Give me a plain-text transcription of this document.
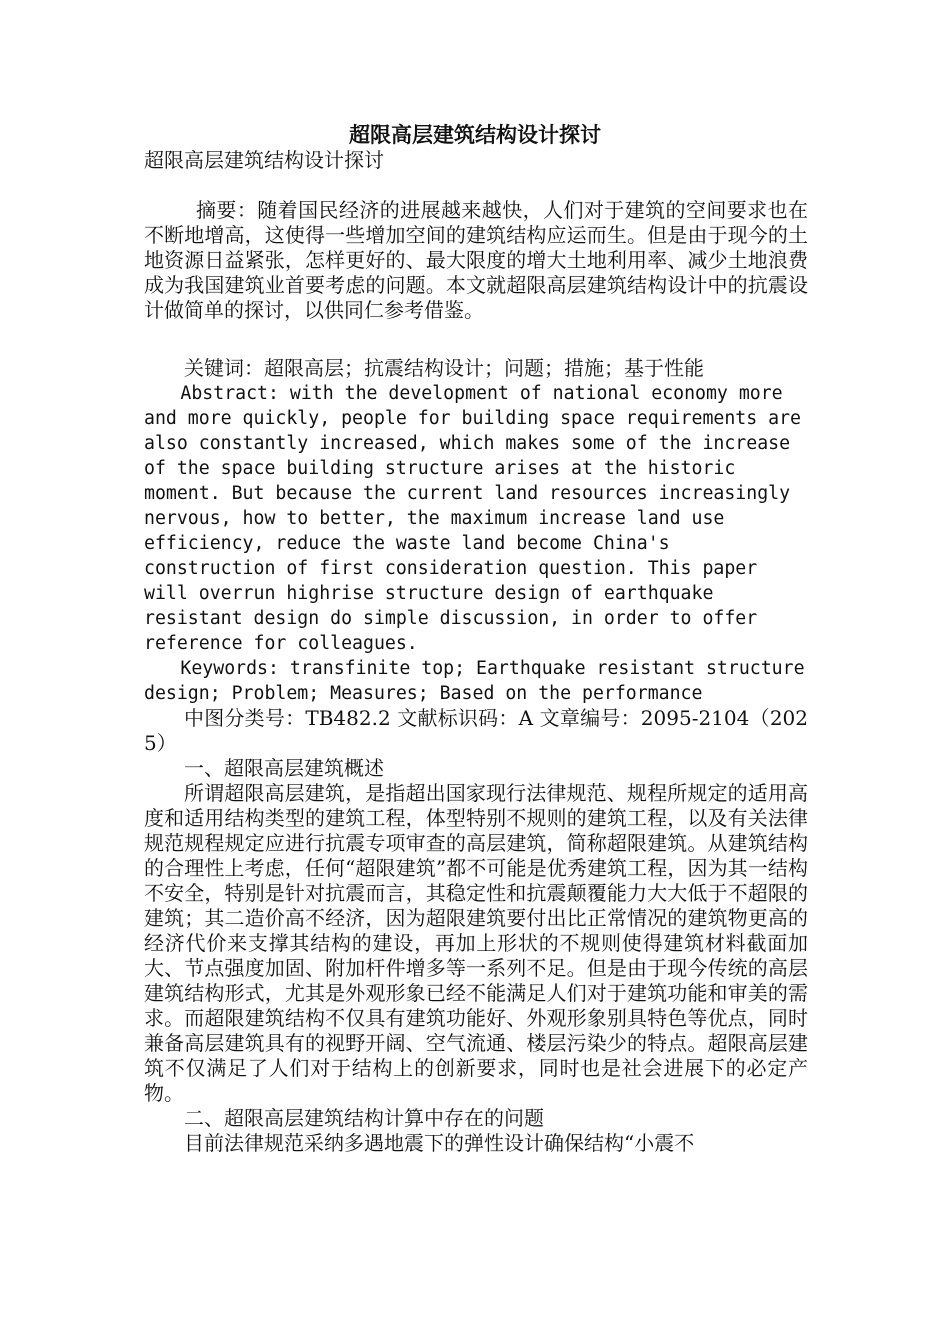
超限高层建筑结构设计探讨

超限高层建筑结构设计探讨

摘要：随着国民经济的进展越来越快，人们对于建筑的空间要求也在不断地增高，这使得一些增加空间的建筑结构应运而生。但是由于现今的土地资源日益紧张，怎样更好的、最大限度的增大土地利用率、减少土地浪费成为我国建筑业首要考虑的问题。本文就超限高层建筑结构设计中的抗震设计做简单的探讨，以供同仁参考借鉴。

关键词：超限高层；抗震结构设计；问题；措施；基于性能

Abstract: with the development of national economy more and more quickly, people for building space requirements are also constantly increased, which makes some of the increase of the space building structure arises at the historic moment. But because the current land resources increasingly nervous, how to better, the maximum increase land use efficiency, reduce the waste land become China's construction of first consideration question. This paper will overrun highrise structure design of earthquake resistant design do simple discussion, in order to offer reference for colleagues.

Keywords: transfinite top; Earthquake resistant structure design; Problem; Measures; Based on the performance

中图分类号：TB482.2 文献标识码：A 文章编号：2095-2104（2025）

一、超限高层建筑概述

所谓超限高层建筑，是指超出国家现行法律规范、规程所规定的适用高度和适用结构类型的建筑工程，体型特别不规则的建筑工程，以及有关法律规范规程规定应进行抗震专项审查的高层建筑，简称超限建筑。从建筑结构的合理性上考虑，任何“超限建筑”都不可能是优秀建筑工程，因为其一结构不安全，特别是针对抗震而言，其稳定性和抗震颠覆能力大大低于不超限的建筑；其二造价高不经济，因为超限建筑要付出比正常情况的建筑物更高的经济代价来支撑其结构的建设，再加上形状的不规则使得建筑材料截面加大、节点强度加固、附加杆件增多等一系列不足。但是由于现今传统的高层建筑结构形式，尤其是外观形象已经不能满足人们对于建筑功能和审美的需求。而超限建筑结构不仅具有建筑功能好、外观形象别具特色等优点，同时兼备高层建筑具有的视野开阔、空气流通、楼层污染少的特点。超限高层建筑不仅满足了人们对于结构上的创新要求，同时也是社会进展下的必定产物。

二、超限高层建筑结构计算中存在的问题

目前法律规范采纳多遇地震下的弹性设计确保结构“小震不
